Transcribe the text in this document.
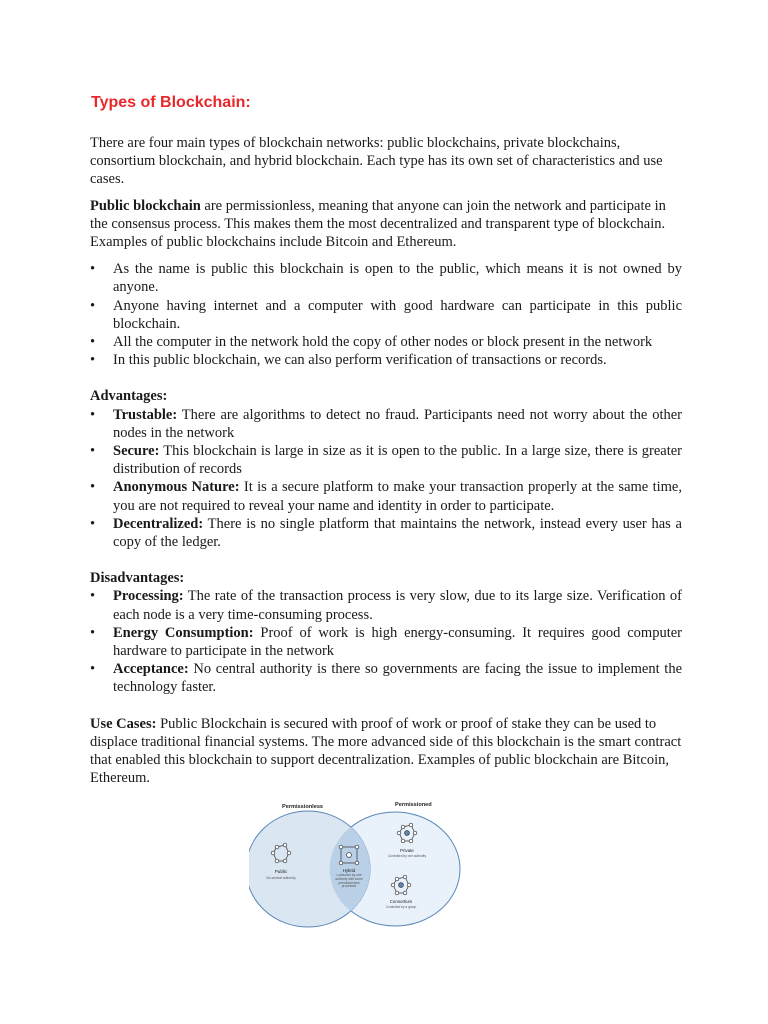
Types of Blockchain:

There are four main types of blockchain networks: public blockchains, private blockchains, consortium blockchain, and hybrid blockchain. Each type has its own set of characteristics and use cases.

Public blockchain are permissionless, meaning that anyone can join the network and participate in the consensus process. This makes them the most decentralized and transparent type of blockchain. Examples of public blockchains include Bitcoin and Ethereum.

• As the name is public this blockchain is open to the public, which means it is not owned by anyone.
• Anyone having internet and a computer with good hardware can participate in this public blockchain.
• All the computer in the network hold the copy of other nodes or block present in the network
• In this public blockchain, we can also perform verification of transactions or records.

Advantages:

• Trustable: There are algorithms to detect no fraud. Participants need not worry about the other nodes in the network
• Secure: This blockchain is large in size as it is open to the public. In a large size, there is greater distribution of records
• Anonymous Nature: It is a secure platform to make your transaction properly at the same time, you are not required to reveal your name and identity in order to participate.
• Decentralized: There is no single platform that maintains the network, instead every user has a copy of the ledger.

Disadvantages:

• Processing: The rate of the transaction process is very slow, due to its large size. Verification of each node is a very time-consuming process.
• Energy Consumption: Proof of work is high energy-consuming. It requires good computer hardware to participate in the network
• Acceptance: No central authority is there so governments are facing the issue to implement the technology faster.

Use Cases: Public Blockchain is secured with proof of work or proof of stake they can be used to displace traditional financial systems. The more advanced side of this blockchain is the smart contract that enabled this blockchain to support decentralization. Examples of public blockchain are Bitcoin, Ethereum.

Permissionless	Permissioned
Public
No central authority
Hybrid
Controlled by one authority with some permissionless processes
Private
Controlled by one authority
Consortium
Controlled by a group
